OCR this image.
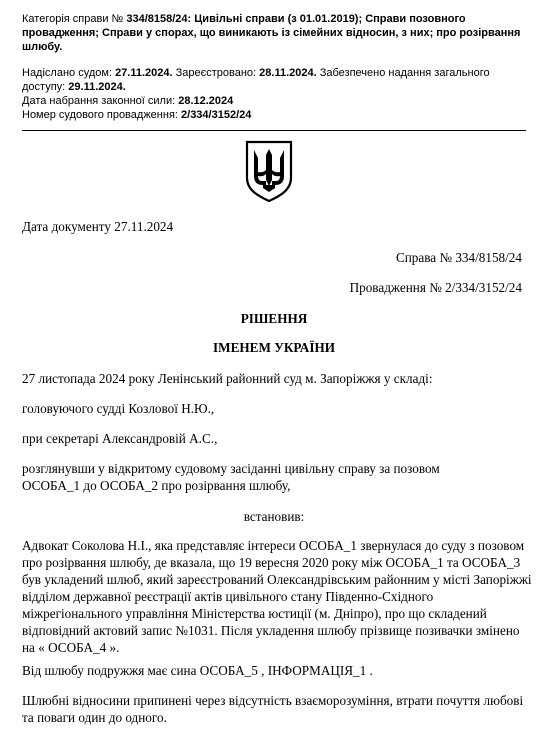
Категорія справи № 334/8158/24: Цивільні справи (з 01.01.2019); Справи позовного провадження; Справи у спорах, що виникають із сімейних відносин, з них; про розірвання шлюбу.
Надіслано судом: 27.11.2024. Зареєстровано: 28.11.2024. Забезпечено надання загального доступу: 29.11.2024.
Дата набрання законної сили: 28.12.2024
Номер судового провадження: 2/334/3152/24
Дата документу 27.11.2024
Справа № 334/8158/24
Провадження № 2/334/3152/24
РІШЕННЯ
ІМЕНЕМ УКРАЇНИ
27 листопада 2024 року Ленінський районний суд м. Запоріжжя у складі:
головуючого судді Козлової Н.Ю.,
при секретарі Александровій А.С.,
розглянувши у відкритому судовому засіданні цивільну справу за позовом ОСОБА_1 до ОСОБА_2 про розірвання шлюбу,
встановив:
Адвокат Соколова Н.І., яка представляє інтереси ОСОБА_1 звернулася до суду з позовом про розірвання шлюбу, де вказала, що 19 вересня 2020 року між ОСОБА_1 та ОСОБА_3 був укладений шлюб, який зареєстрований Олександрівським районним у місті Запоріжжі відділом державної реєстрації актів цивільного стану Південно-Східного міжрегіонального управління Міністерства юстиції (м. Дніпро), про що складений відповідний актовий запис №1031. Після укладення шлюбу прізвище позивачки змінено на « ОСОБА_4 ».
Від шлюбу подружжя має сина ОСОБА_5 , ІНФОРМАЦІЯ_1 .
Шлюбні відносини припинені через відсутність взаєморозуміння, втрати почуття любові та поваги один до одного.
